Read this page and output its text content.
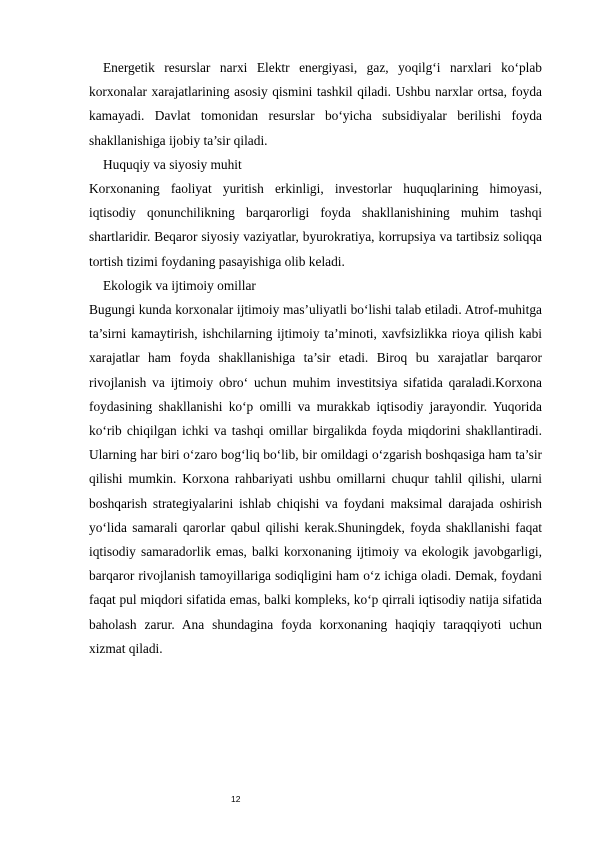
Energetik resurslar narxi Elektr energiyasi, gaz, yoqilg‘i narxlari ko‘plab korxonalar xarajatlarining asosiy qismini tashkil qiladi. Ushbu narxlar ortsa, foyda kamayadi. Davlat tomonidan resurslar bo‘yicha subsidiyalar berilishi foyda shakllanishiga ijobiy ta’sir qiladi.

Huquqiy va siyosiy muhit

Korxonaning faoliyat yuritish erkinligi, investorlar huquqlarining himoyasi, iqtisodiy qonunchilikning barqarorligi foyda shakllanishining muhim tashqi shartlaridir. Beqaror siyosiy vaziyatlar, byurokratiya, korrupsiya va tartibsiz soliqqa tortish tizimi foydaning pasayishiga olib keladi.

Ekologik va ijtimoiy omillar

Bugungi kunda korxonalar ijtimoiy mas’uliyatli bo‘lishi talab etiladi. Atrof-muhitga ta’sirni kamaytirish, ishchilarning ijtimoiy ta’minoti, xavfsizlikka rioya qilish kabi xarajatlar ham foyda shakllanishiga ta’sir etadi. Biroq bu xarajatlar barqaror rivojlanish va ijtimoiy obro‘ uchun muhim investitsiya sifatida qaraladi.Korxona foydasining shakllanishi ko‘p omilli va murakkab iqtisodiy jarayondir. Yuqorida ko‘rib chiqilgan ichki va tashqi omillar birgalikda foyda miqdorini shakllantiradi. Ularning har biri o‘zaro bog‘liq bo‘lib, bir omildagi o‘zgarish boshqasiga ham ta’sir qilishi mumkin. Korxona rahbariyati ushbu omillarni chuqur tahlil qilishi, ularni boshqarish strategiyalarini ishlab chiqishi va foydani maksimal darajada oshirish yo‘lida samarali qarorlar qabul qilishi kerak.Shuningdek, foyda shakllanishi faqat iqtisodiy samaradorlik emas, balki korxonaning ijtimoiy va ekologik javobgarligi, barqaror rivojlanish tamoyillariga sodiqligini ham o‘z ichiga oladi. Demak, foydani faqat pul miqdori sifatida emas, balki kompleks, ko‘p qirrali iqtisodiy natija sifatida baholash zarur. Ana shundagina foyda korxonaning haqiqiy taraqqiyoti uchun xizmat qiladi.

12
